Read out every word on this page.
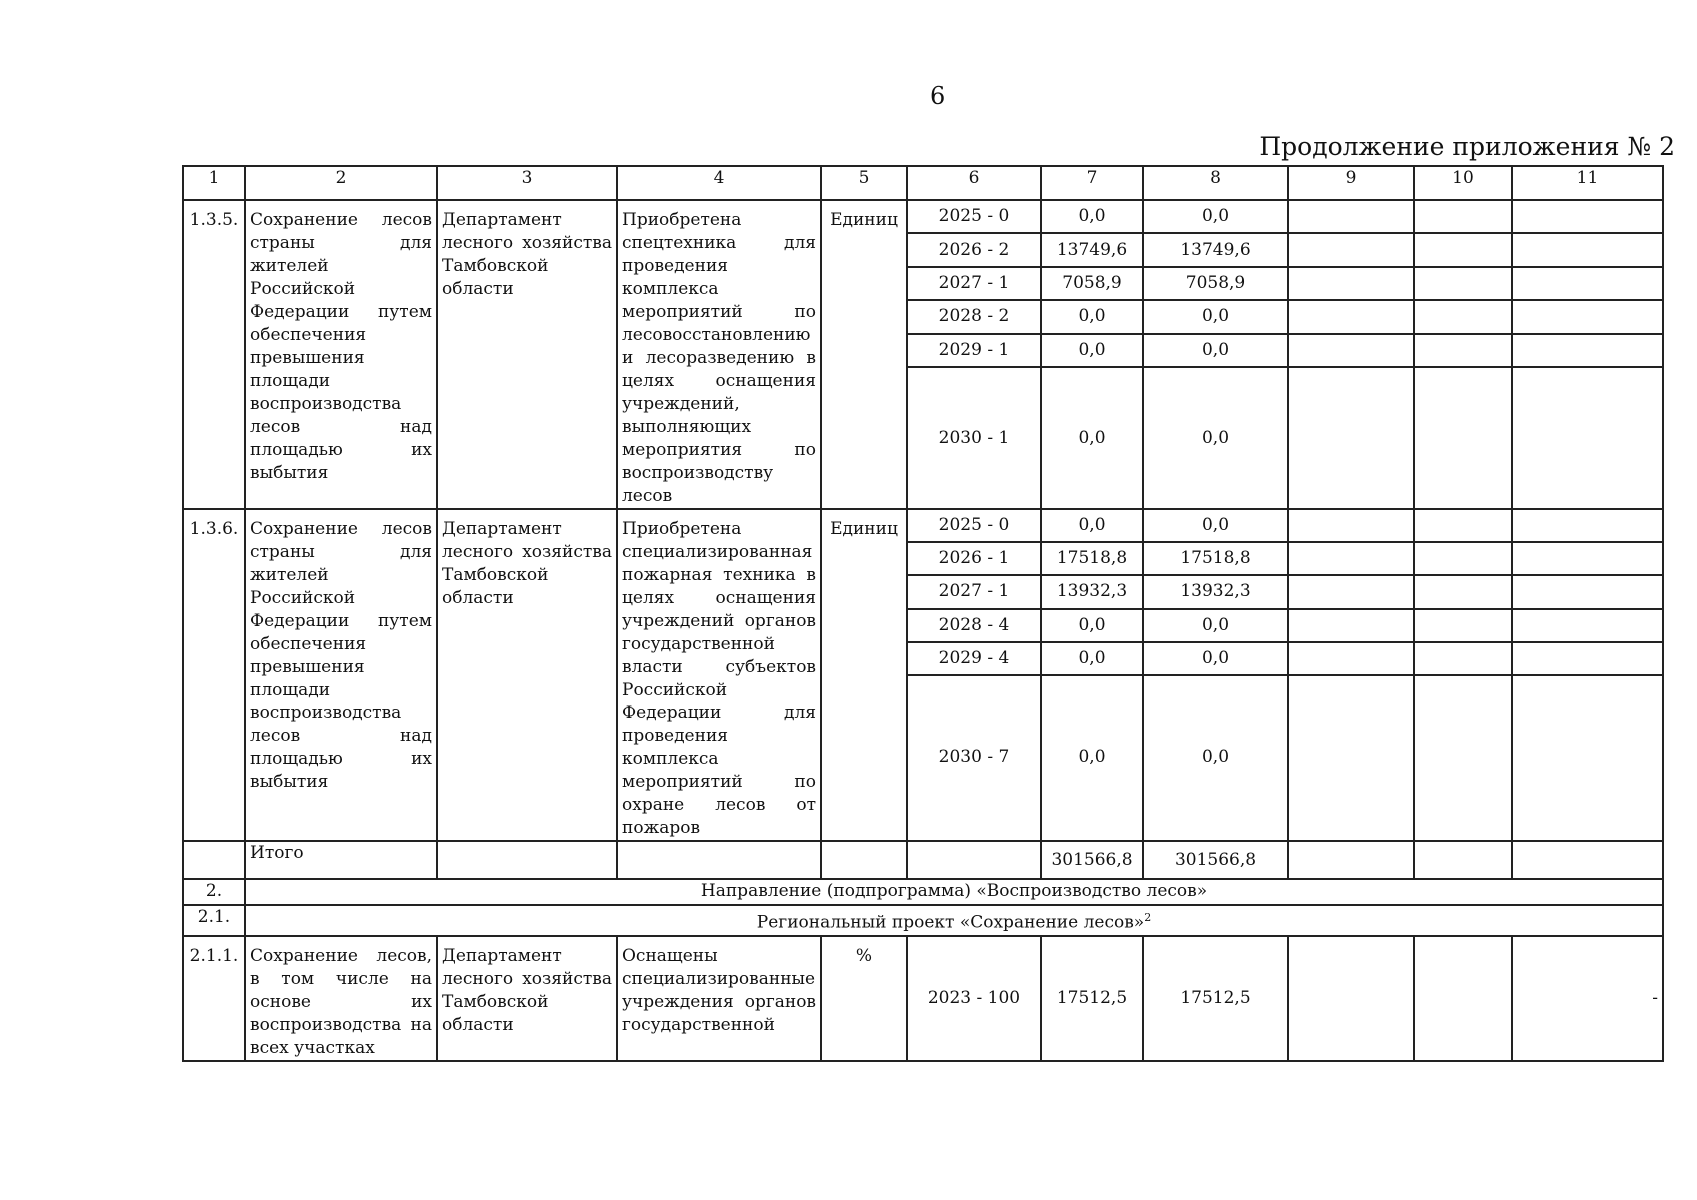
6
Продолжение приложения № 2
1	2	3	4	5	6	7	8	9	10	11
1.3.5.	Сохранение лесов страны для жителей Российской Федерации путем обеспечения превышения площади воспроизводства лесов над площадью их выбытия	Департамент лесного хозяйства Тамбовской области	Приобретена спецтехника для проведения комплекса мероприятий по лесовосстановлению и лесоразведению в целях оснащения учреждений, выполняющих мероприятия по воспроизводству лесов	Единиц	2025 - 0	0,0	0,0			
					2026 - 2	13749,6	13749,6			
					2027 - 1	7058,9	7058,9			
					2028 - 2	0,0	0,0			
					2029 - 1	0,0	0,0			
					2030 - 1	0,0	0,0			
1.3.6.	Сохранение лесов страны для жителей Российской Федерации путем обеспечения превышения площади воспроизводства лесов над площадью их выбытия	Департамент лесного хозяйства Тамбовской области	Приобретена специализированная пожарная техника в целях оснащения учреждений органов государственной власти субъектов Российской Федерации для проведения комплекса мероприятий по охране лесов от пожаров	Единиц	2025 - 0	0,0	0,0			
					2026 - 1	17518,8	17518,8			
					2027 - 1	13932,3	13932,3			
					2028 - 4	0,0	0,0			
					2029 - 4	0,0	0,0			
					2030 - 7	0,0	0,0			
	Итого					301566,8	301566,8			
2.	Направление (подпрограмма) «Воспроизводство лесов»									
2.1.	Региональный проект «Сохранение лесов»$^2$
2.1.1.	Сохранение лесов, в том числе на основе их воспроизводства на всех участках	Департамент лесного хозяйства Тамбовской области	Оснащены специализированные учреждения органов государственной	%	2023 - 100	17512,5	17512,5			-
